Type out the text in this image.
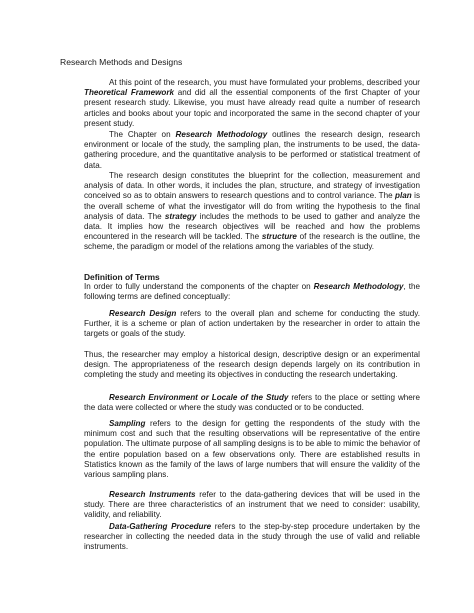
Research Methods and Designs
At this point of the research, you must have formulated your problems, described your Theoretical Framework and did all the essential components of the first Chapter of your present research study. Likewise, you must have already read quite a number of research articles and books about your topic and incorporated the same in the second chapter of your present study.
The Chapter on Research Methodology outlines the research design, research environment or locale of the study, the sampling plan, the instruments to be used, the data-gathering procedure, and the quantitative analysis to be performed or statistical treatment of data.
The research design constitutes the blueprint for the collection, measurement and analysis of data. In other words, it includes the plan, structure, and strategy of investigation conceived so as to obtain answers to research questions and to control variance. The plan is the overall scheme of what the investigator will do from writing the hypothesis to the final analysis of data. The strategy includes the methods to be used to gather and analyze the data. It implies how the research objectives will be reached and how the problems encountered in the research will be tackled. The structure of the research is the outline, the scheme, the paradigm or model of the relations among the variables of the study.
Definition of Terms
In order to fully understand the components of the chapter on Research Methodology, the following terms are defined conceptually:
Research Design refers to the overall plan and scheme for conducting the study. Further, it is a scheme or plan of action undertaken by the researcher in order to attain the targets or goals of the study.
Thus, the researcher may employ a historical design, descriptive design or an experimental design. The appropriateness of the research design depends largely on its contribution in completing the study and meeting its objectives in conducting the research undertaking.
Research Environment or Locale of the Study refers to the place or setting where the data were collected or where the study was conducted or to be conducted.
Sampling refers to the design for getting the respondents of the study with the minimum cost and such that the resulting observations will be representative of the entire population. The ultimate purpose of all sampling designs is to be able to mimic the behavior of the entire population based on a few observations only. There are established results in Statistics known as the family of the laws of large numbers that will ensure the validity of the various sampling plans.
Research Instruments refer to the data-gathering devices that will be used in the study. There are three characteristics of an instrument that we need to consider: usability, validity, and reliability.
Data-Gathering Procedure refers to the step-by-step procedure undertaken by the researcher in collecting the needed data in the study through the use of valid and reliable instruments.
